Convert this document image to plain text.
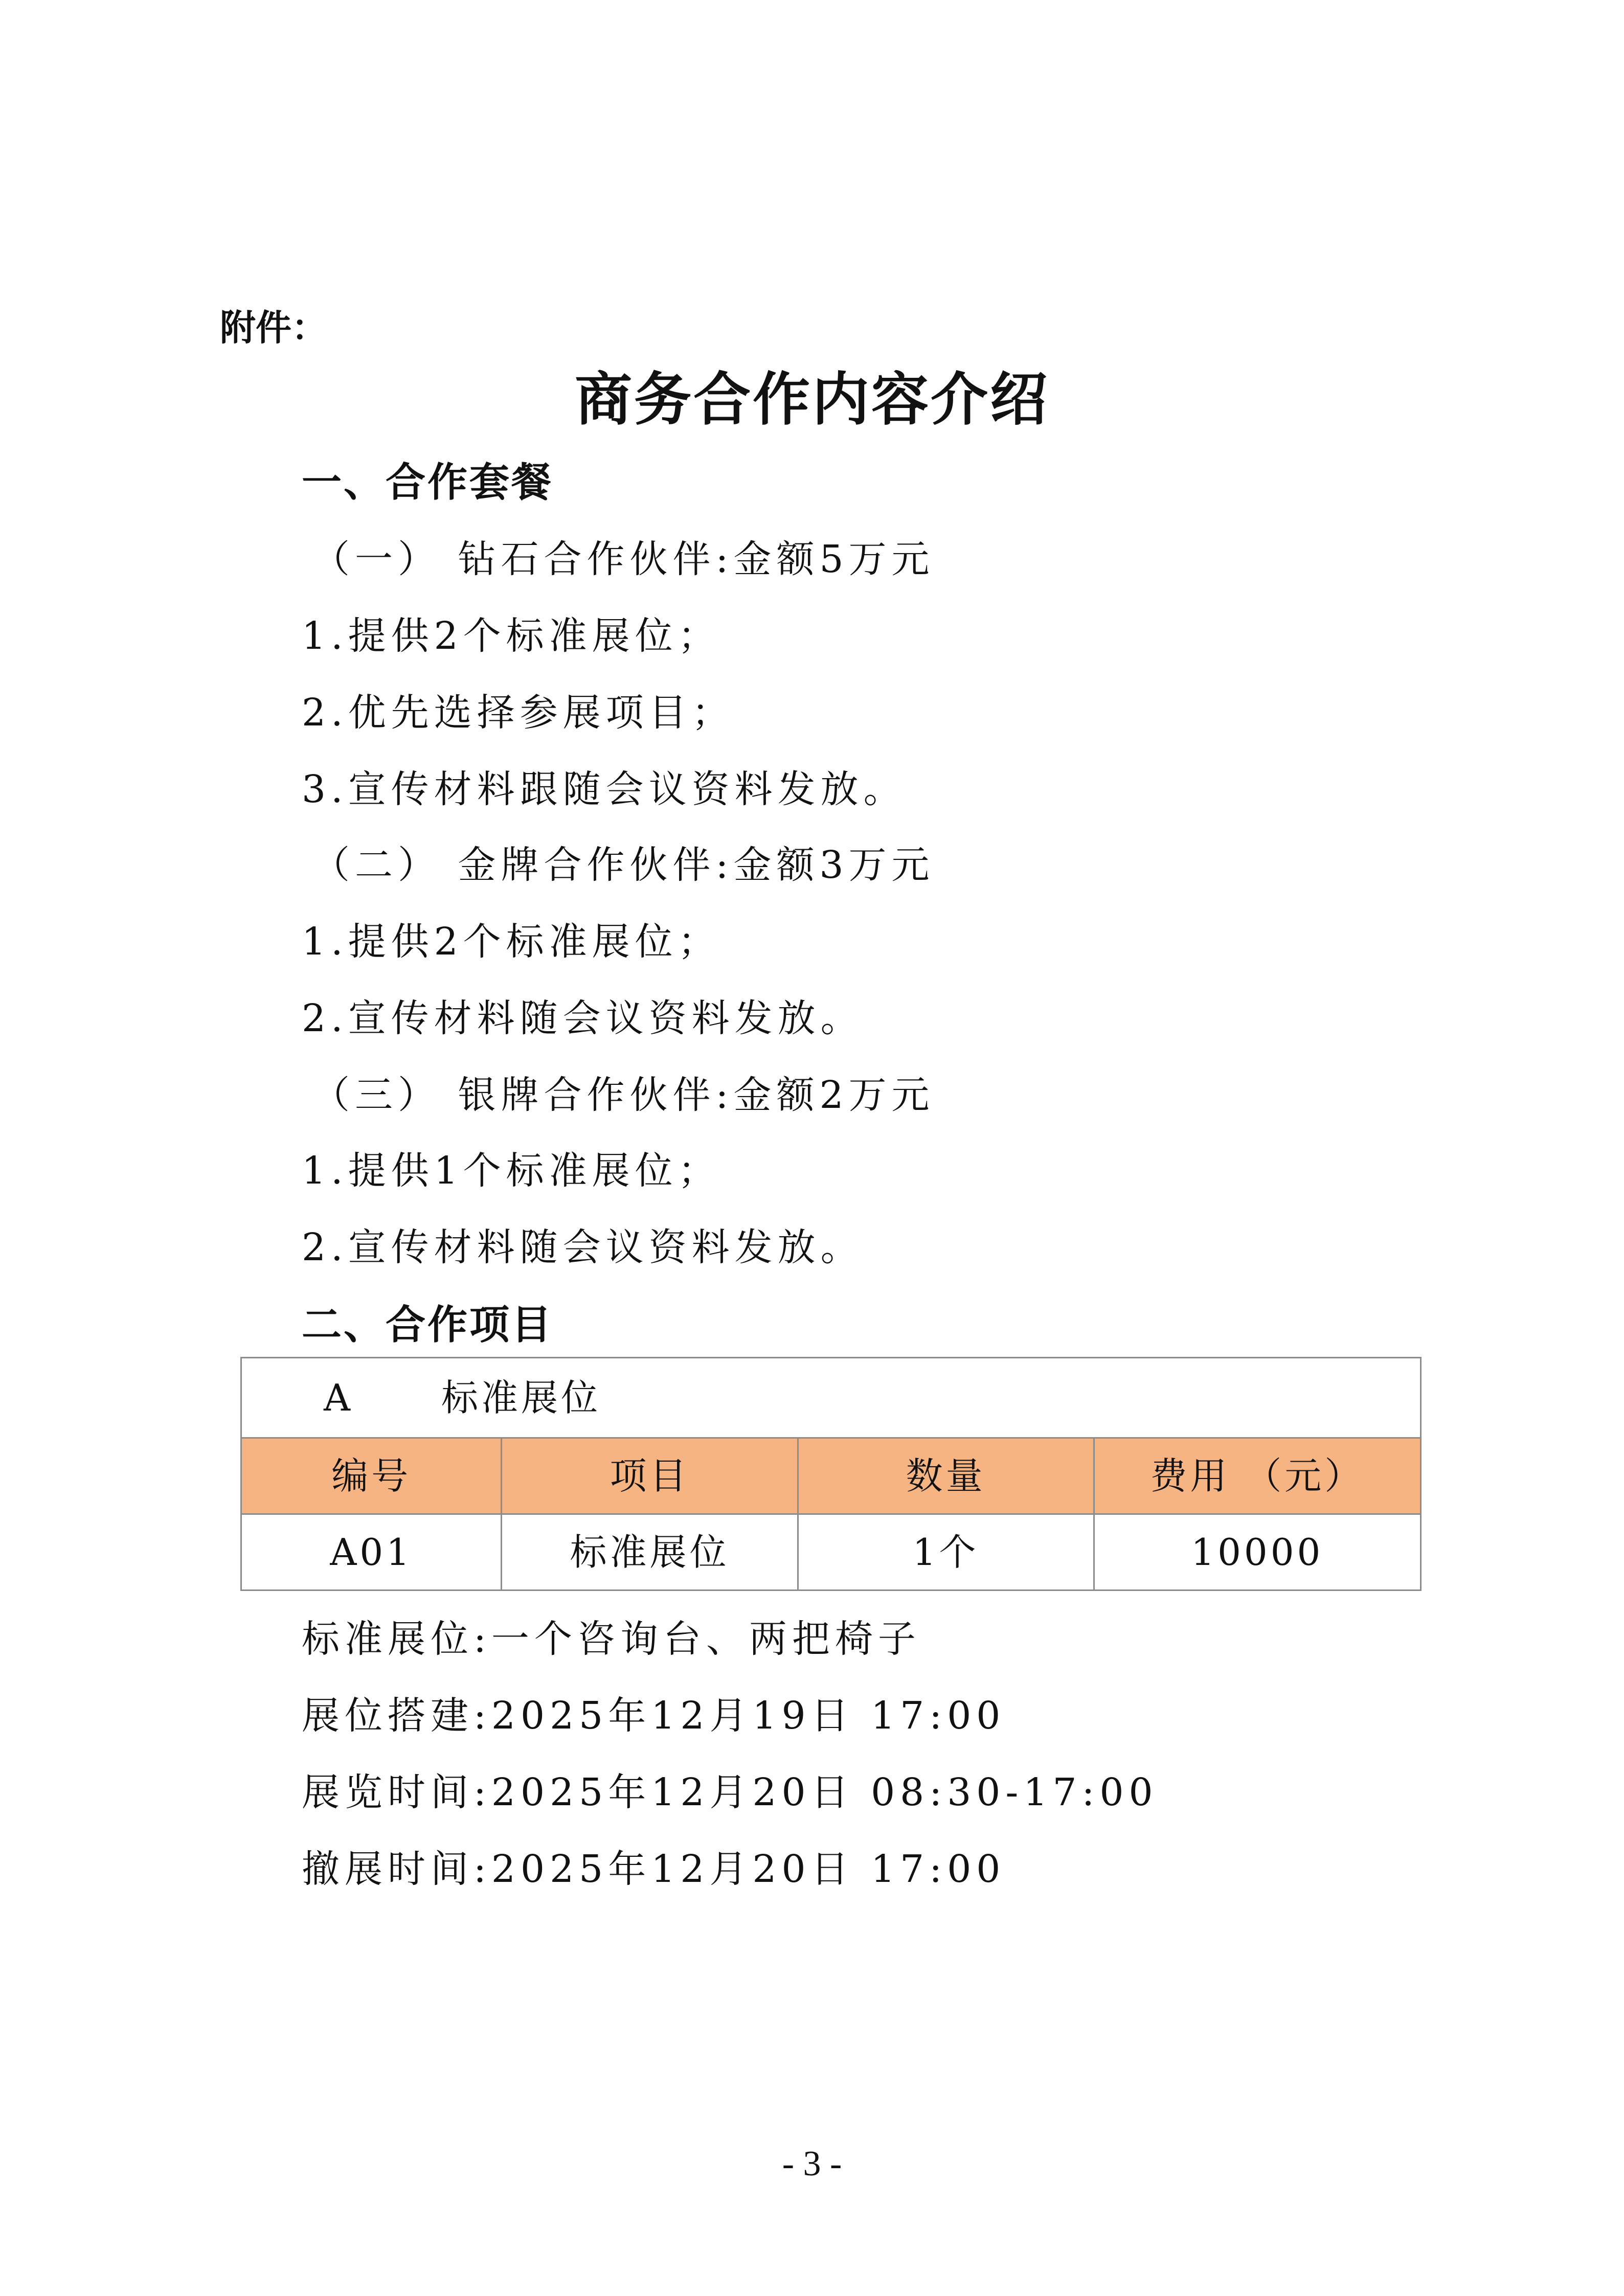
附件：
商务合作内容介绍
一、合作套餐
（一） 钻石合作伙伴:金额5万元
1.提供2个标准展位；
2.优先选择参展项目；
3.宣传材料跟随会议资料发放。
（二） 金牌合作伙伴:金额3万元
1.提供2个标准展位；
2.宣传材料随会议资料发放。
（三） 银牌合作伙伴:金额2万元
1.提供1个标准展位；
2.宣传材料随会议资料发放。
二、合作项目
A 标准展位			
编号	项目	数量	费用 （元）
A01	标准展位	1个	10000
标准展位:一个咨询台、两把椅子
展位搭建:2025年12月19日 17:00
展览时间:2025年12月20日 08:30-17:00
撤展时间:2025年12月20日 17:00
- 3 -
